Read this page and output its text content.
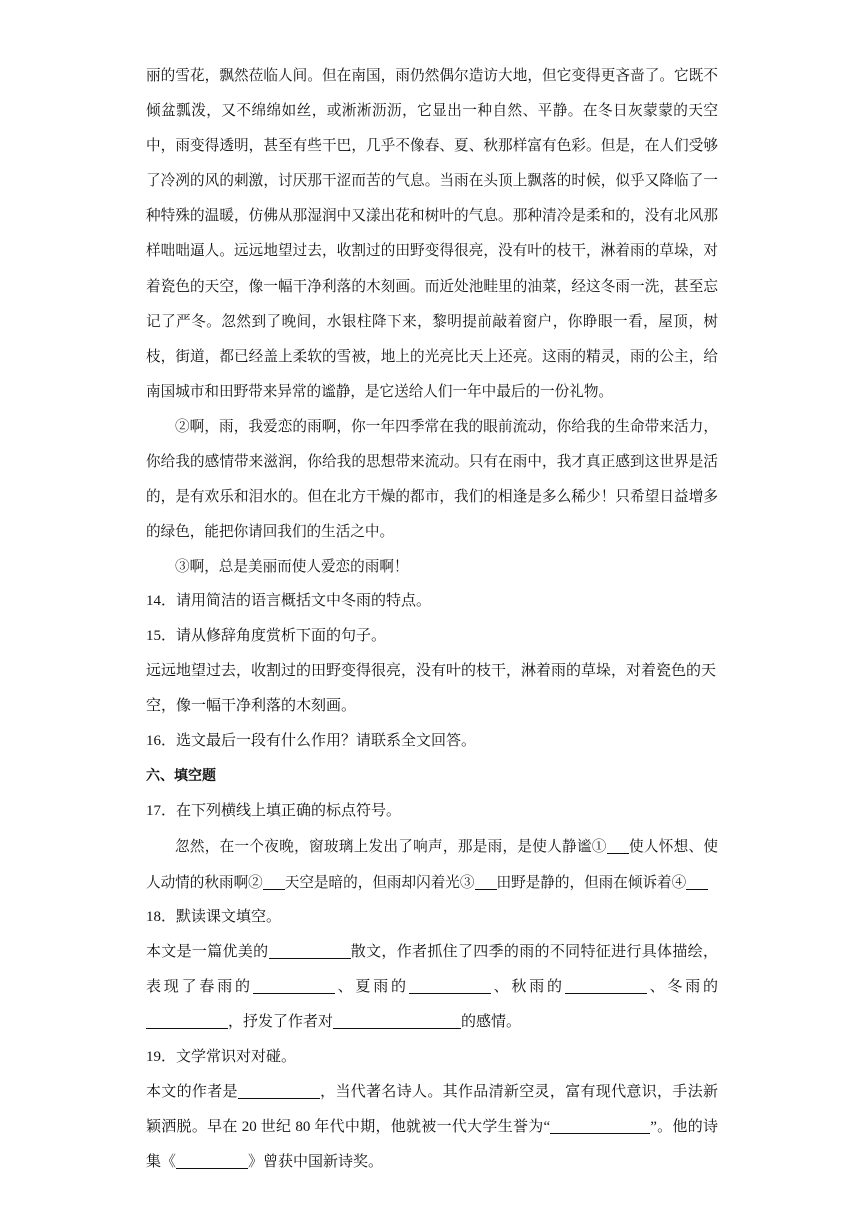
丽的雪花，飘然莅临人间。但在南国，雨仍然偶尔造访大地，但它变得更吝啬了。它既不倾盆瓢泼，又不绵绵如丝，或淅淅沥沥，它显出一种自然、平静。在冬日灰蒙蒙的天空中，雨变得透明，甚至有些干巴，几乎不像春、夏、秋那样富有色彩。但是，在人们受够了冷冽的风的刺激，讨厌那干涩而苦的气息。当雨在头顶上飘落的时候，似乎又降临了一种特殊的温暖，仿佛从那湿润中又漾出花和树叶的气息。那种清冷是柔和的，没有北风那样咄咄逼人。远远地望过去，收割过的田野变得很亮，没有叶的枝干，淋着雨的草垛，对着瓷色的天空，像一幅干净利落的木刻画。而近处池畦里的油菜，经这冬雨一洗，甚至忘记了严冬。忽然到了晚间，水银柱降下来，黎明提前敲着窗户，你睁眼一看，屋顶，树枝，街道，都已经盖上柔软的雪被，地上的光亮比天上还亮。这雨的精灵，雨的公主，给南国城市和田野带来异常的谧静，是它送给人们一年中最后的一份礼物。

②啊，雨，我爱恋的雨啊，你一年四季常在我的眼前流动，你给我的生命带来活力，你给我的感情带来滋润，你给我的思想带来流动。只有在雨中，我才真正感到这世界是活的，是有欢乐和泪水的。但在北方干燥的都市，我们的相逢是多么稀少！只希望日益增多的绿色，能把你请回我们的生活之中。

③啊，总是美丽而使人爱恋的雨啊！

14．请用简洁的语言概括文中冬雨的特点。

15．请从修辞角度赏析下面的句子。

远远地望过去，收割过的田野变得很亮，没有叶的枝干，淋着雨的草垛，对着瓷色的天空，像一幅干净利落的木刻画。

16．选文最后一段有什么作用？请联系全文回答。

六、填空题

17．在下列横线上填正确的标点符号。

忽然，在一个夜晚，窗玻璃上发出了响声，那是雨，是使人静谧① 使人怀想、使人动情的秋雨啊② 天空是暗的，但雨却闪着光③ 田野是静的，但雨在倾诉着④

18．默读课文填空。

本文是一篇优美的	散文，作者抓住了四季的雨的不同特征进行具体描绘，表现了春雨的	、夏雨的	、秋雨的	、冬雨的，抒发了作者对	的感情。

19．文学常识对对碰。

本文的作者是	，当代著名诗人。其作品清新空灵，富有现代意识，手法新颖洒脱。早在 20 世纪 80 年代中期，他就被一代大学生誉为“	”。他的诗集《	》曾获中国新诗奖。
